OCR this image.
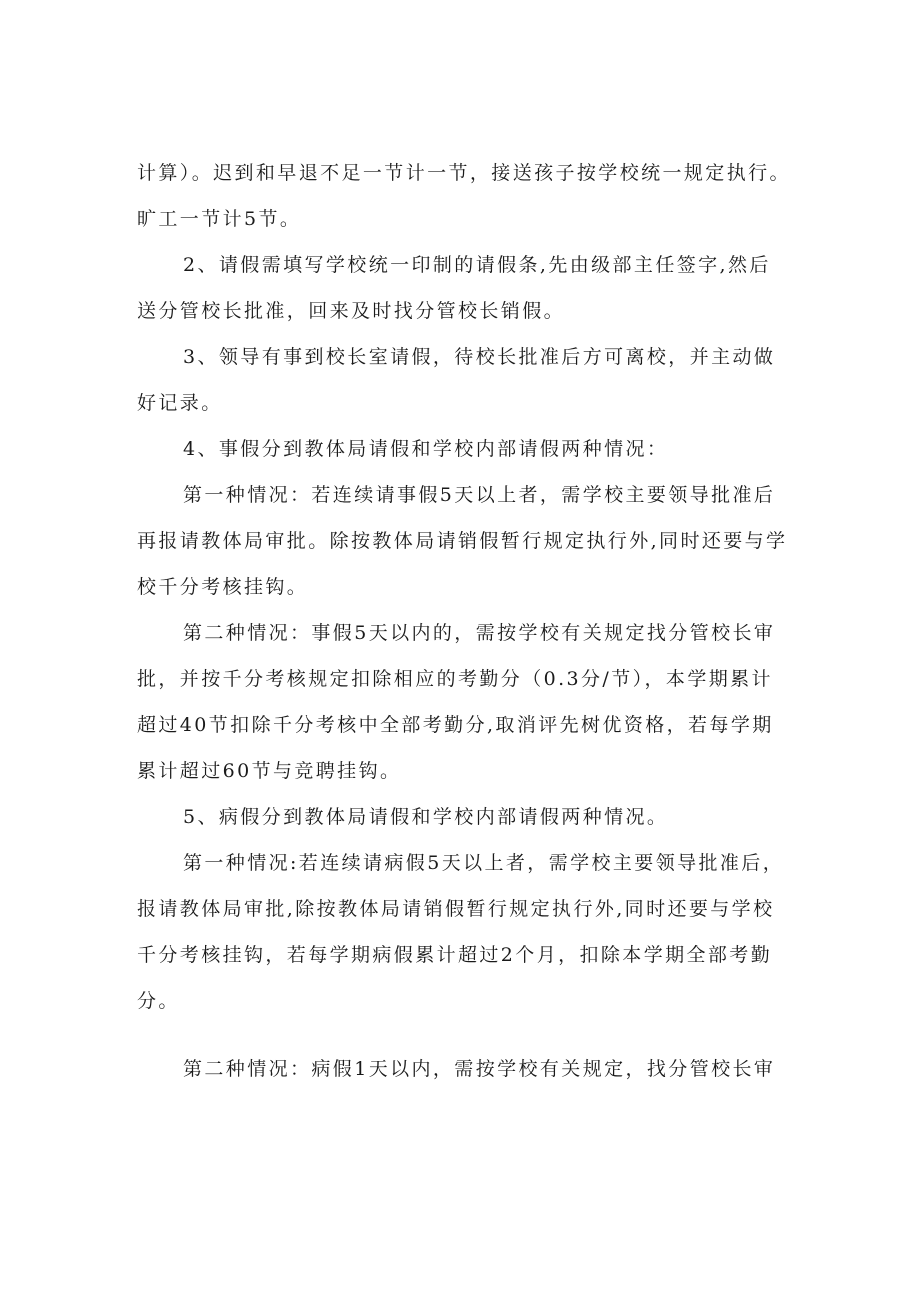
计算）。迟到和早退不足一节计一节，接送孩子按学校统一规定执行。
旷工一节计5节。
2、请假需填写学校统一印制的请假条,先由级部主任签字,然后
送分管校长批准，回来及时找分管校长销假。
3、领导有事到校长室请假，待校长批准后方可离校，并主动做
好记录。
4、事假分到教体局请假和学校内部请假两种情况：
第一种情况：若连续请事假5天以上者，需学校主要领导批准后
再报请教体局审批。除按教体局请销假暂行规定执行外,同时还要与学
校千分考核挂钩。
第二种情况：事假5天以内的，需按学校有关规定找分管校长审
批，并按千分考核规定扣除相应的考勤分（0.3分/节），本学期累计
超过40节扣除千分考核中全部考勤分,取消评先树优资格，若每学期
累计超过60节与竞聘挂钩。
5、病假分到教体局请假和学校内部请假两种情况。
第一种情况:若连续请病假5天以上者，需学校主要领导批准后，
报请教体局审批,除按教体局请销假暂行规定执行外,同时还要与学校
千分考核挂钩，若每学期病假累计超过2个月，扣除本学期全部考勤
分。
第二种情况：病假1天以内，需按学校有关规定，找分管校长审
